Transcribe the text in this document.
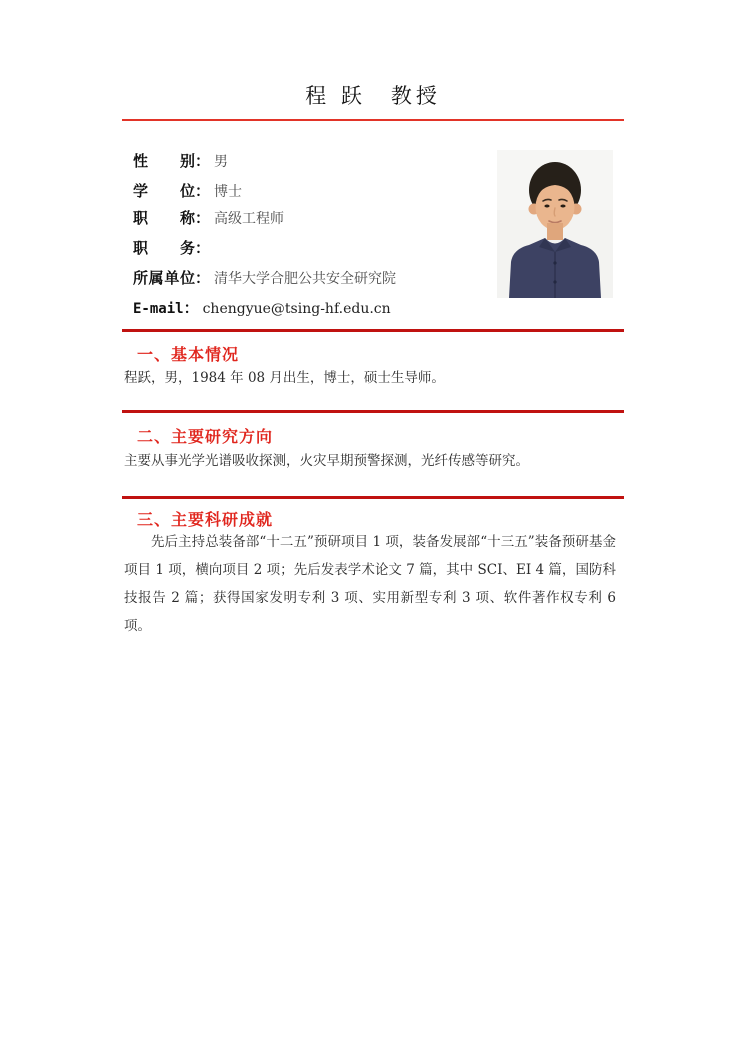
程 跃　教授
性别 ： 男
学位 ： 博士
职称 ： 高级工程师
职务 ：
所属单位 ： 清华大学合肥公共安全研究院
E-mail ： chengyue@tsing-hf.edu.cn
一、基本情况
程跃，男，1984 年 08 月出生，博士，硕士生导师。
二、主要研究方向
主要从事光学光谱吸收探测，火灾早期预警探测，光纤传感等研究。
三、主要科研成就
先后主持总装备部“十二五”预研项目 1 项，装备发展部“十三五”装备预研基金项目 1 项，横向项目 2 项；先后发表学术论文 7 篇，其中 SCI、EI 4 篇，国防科技报告 2 篇；获得国家发明专利 3 项、实用新型专利 3 项、软件著作权专利 6 项。
